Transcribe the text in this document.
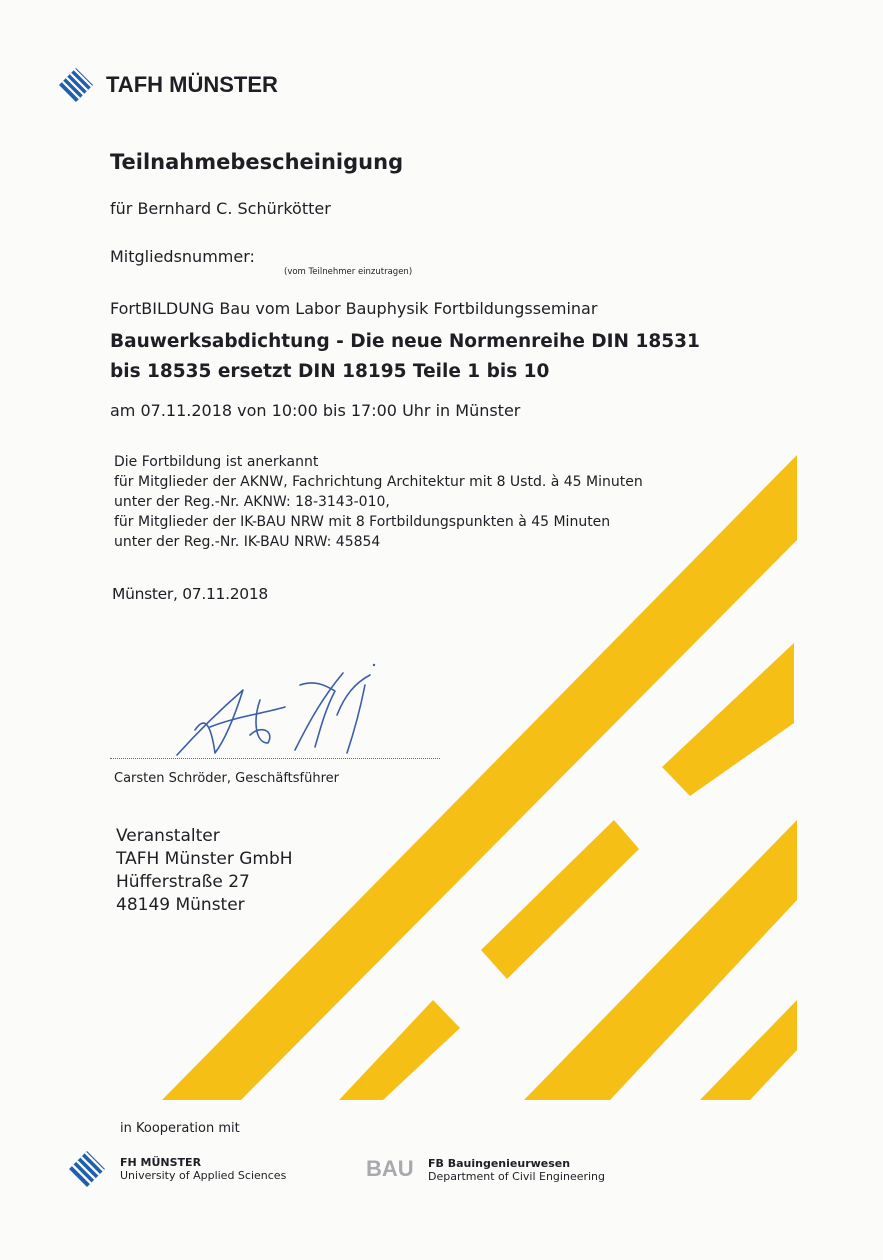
TAFH MÜNSTER
Teilnahmebescheinigung
für Bernhard C. Schürkötter
Mitgliedsnummer:
(vom Teilnehmer einzutragen)
FortBILDUNG Bau vom Labor Bauphysik Fortbildungsseminar
Bauwerksabdichtung - Die neue Normenreihe DIN 18531
bis 18535 ersetzt DIN 18195 Teile 1 bis 10
am 07.11.2018 von 10:00 bis 17:00 Uhr in Münster
Die Fortbildung ist anerkannt
für Mitglieder der AKNW, Fachrichtung Architektur mit 8 Ustd. à 45 Minuten
unter der Reg.-Nr. AKNW: 18-3143-010,
für Mitglieder der IK-BAU NRW mit 8 Fortbildungspunkten à 45 Minuten
unter der Reg.-Nr. IK-BAU NRW: 45854
Münster, 07.11.2018
Carsten Schröder, Geschäftsführer
Veranstalter
TAFH Münster GmbH
Hüfferstraße 27
48149 Münster
in Kooperation mit
FH MÜNSTER
University of Applied Sciences	BAU FB Bauingenieurwesen
Department of Civil Engineering
